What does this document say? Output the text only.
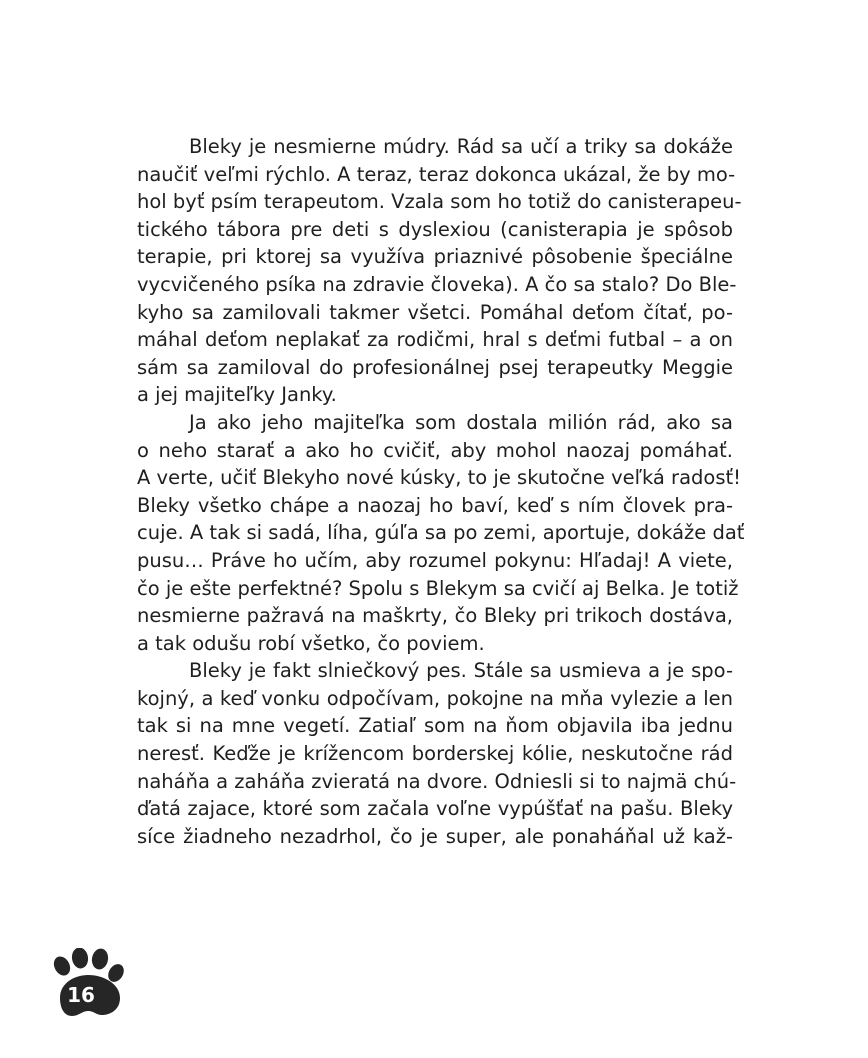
Bleky je nesmierne múdry. Rád sa učí a triky sa dokáže
naučiť veľmi rýchlo. A teraz, teraz dokonca ukázal, že by mo-
hol byť psím terapeutom. Vzala som ho totiž do canisterapeu-
tického tábora pre deti s dyslexiou (canisterapia je spôsob
terapie, pri ktorej sa využíva priaznivé pôsobenie špeciálne
vycvičeného psíka na zdravie človeka). A čo sa stalo? Do Ble-
kyho sa zamilovali takmer všetci. Pomáhal deťom čítať, po-
máhal deťom neplakať za rodičmi, hral s deťmi futbal – a on
sám sa zamiloval do profesionálnej psej terapeutky Meggie
a jej majiteľky Janky.
Ja ako jeho majiteľka som dostala milión rád, ako sa
o neho starať a ako ho cvičiť, aby mohol naozaj pomáhať.
A verte, učiť Blekyho nové kúsky, to je skutočne veľká radosť!
Bleky všetko chápe a naozaj ho baví, keď s ním človek pra-
cuje. A tak si sadá, líha, gúľa sa po zemi, aportuje, dokáže dať
pusu… Práve ho učím, aby rozumel pokynu: Hľadaj! A viete,
čo je ešte perfektné? Spolu s Blekym sa cvičí aj Belka. Je totiž
nesmierne pažravá na maškrty, čo Bleky pri trikoch dostáva,
a tak odušu robí všetko, čo poviem.
Bleky je fakt slniečkový pes. Stále sa usmieva a je spo-
kojný, a keď vonku odpočívam, pokojne na mňa vylezie a len
tak si na mne vegetí. Zatiaľ som na ňom objavila iba jednu
neresť. Keďže je krížencom borderskej kólie, neskutočne rád
naháňa a zaháňa zvieratá na dvore. Odniesli si to najmä chú-
ďatá zajace, ktoré som začala voľne vypúšťať na pašu. Bleky
síce žiadneho nezadrhol, čo je super, ale ponaháňal už kaž-
16
